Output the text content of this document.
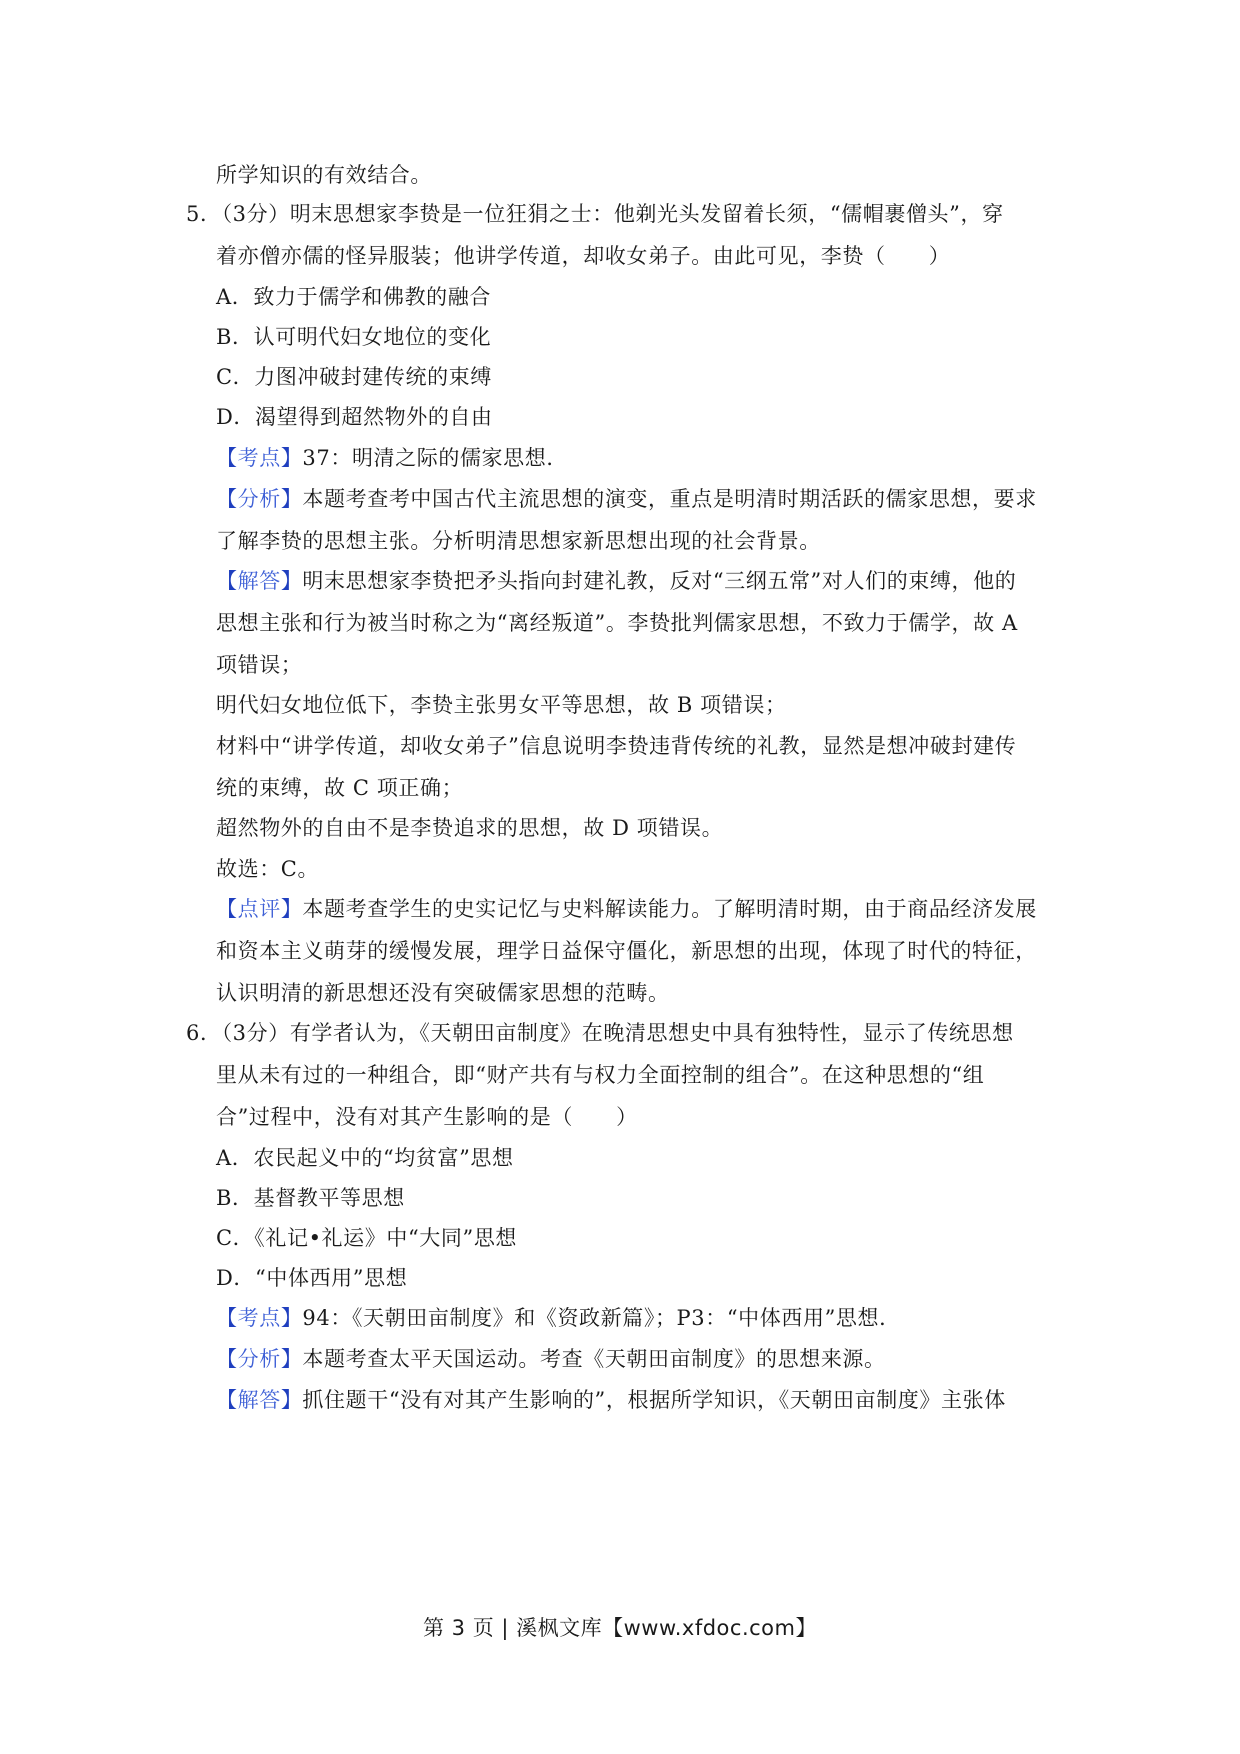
所学知识的有效结合。
5．（3分）明末思想家李贽是一位狂狷之士：他剃光头发留着长须，“儒帽裹僧头”，穿
着亦僧亦儒的怪异服装；他讲学传道，却收女弟子。由此可见，李贽（　　）
A．致力于儒学和佛教的融合
B．认可明代妇女地位的变化
C．力图冲破封建传统的束缚
D．渴望得到超然物外的自由
【考点】37：明清之际的儒家思想．
【分析】本题考查考中国古代主流思想的演变，重点是明清时期活跃的儒家思想，要求
了解李贽的思想主张。分析明清思想家新思想出现的社会背景。
【解答】明末思想家李贽把矛头指向封建礼教，反对“三纲五常”对人们的束缚，他的
思想主张和行为被当时称之为“离经叛道”。李贽批判儒家思想，不致力于儒学，故 A
项错误；
明代妇女地位低下，李贽主张男女平等思想，故 B 项错误；
材料中“讲学传道，却收女弟子”信息说明李贽违背传统的礼教，显然是想冲破封建传
统的束缚，故 C 项正确；
超然物外的自由不是李贽追求的思想，故 D 项错误。
故选：C。
【点评】本题考查学生的史实记忆与史料解读能力。了解明清时期，由于商品经济发展
和资本主义萌芽的缓慢发展，理学日益保守僵化，新思想的出现，体现了时代的特征，
认识明清的新思想还没有突破儒家思想的范畴。
6．（3分）有学者认为，《天朝田亩制度》在晚清思想史中具有独特性，显示了传统思想
里从未有过的一种组合，即“财产共有与权力全面控制的组合”。在这种思想的“组
合”过程中，没有对其产生影响的是（　　）
A．农民起义中的“均贫富”思想
B．基督教平等思想
C．《礼记•礼运》中“大同”思想
D．“中体西用”思想
【考点】94：《天朝田亩制度》和《资政新篇》；P3：“中体西用”思想．
【分析】本题考查太平天国运动。考查《天朝田亩制度》的思想来源。
【解答】抓住题干“没有对其产生影响的”，根据所学知识，《天朝田亩制度》主张体
第 3 页 | 溪枫文库【www.xfdoc.com】
